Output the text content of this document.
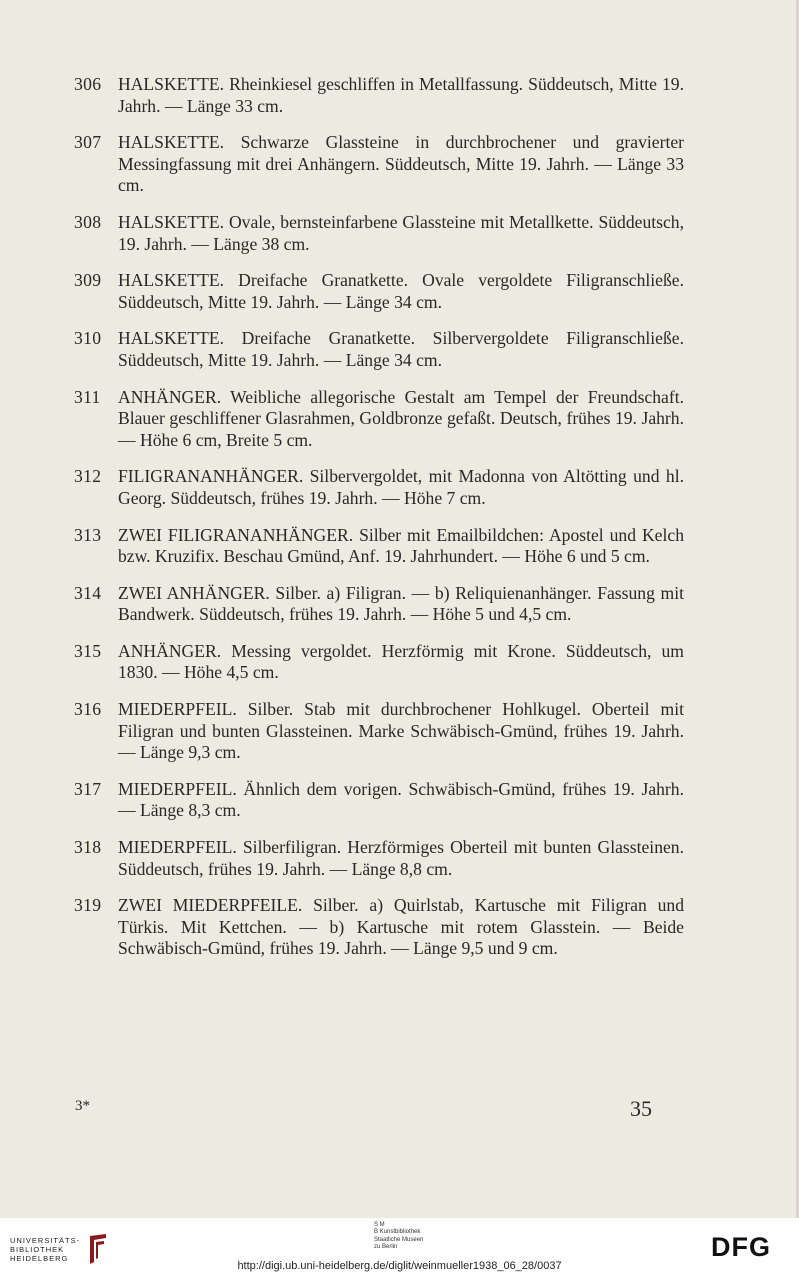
306 HALSKETTE. Rheinkiesel geschliffen in Metallfassung. Süddeutsch, Mitte 19. Jahrh. — Länge 33 cm.
307 HALSKETTE. Schwarze Glassteine in durchbrochener und gravierter Messingfassung mit drei Anhängern. Süddeutsch, Mitte 19. Jahrh. — Länge 33 cm.
308 HALSKETTE. Ovale, bernsteinfarbene Glassteine mit Metallkette. Süddeutsch, 19. Jahrh. — Länge 38 cm.
309 HALSKETTE. Dreifache Granatkette. Ovale vergoldete Filigranschließe. Süddeutsch, Mitte 19. Jahrh. — Länge 34 cm.
310 HALSKETTE. Dreifache Granatkette. Silbervergoldete Filigranschließe. Süddeutsch, Mitte 19. Jahrh. — Länge 34 cm.
311 ANHÄNGER. Weibliche allegorische Gestalt am Tempel der Freundschaft. Blauer geschliffener Glasrahmen, Goldbronze gefaßt. Deutsch, frühes 19. Jahrh. — Höhe 6 cm, Breite 5 cm.
312 FILIGRANANHÄNGER. Silbervergoldet, mit Madonna von Altötting und hl. Georg. Süddeutsch, frühes 19. Jahrh. — Höhe 7 cm.
313 ZWEI FILIGRANANHÄNGER. Silber mit Emailbildchen: Apostel und Kelch bzw. Kruzifix. Beschau Gmünd, Anf. 19. Jahrhundert. — Höhe 6 und 5 cm.
314 ZWEI ANHÄNGER. Silber. a) Filigran. — b) Reliquienanhänger. Fassung mit Bandwerk. Süddeutsch, frühes 19. Jahrh. — Höhe 5 und 4,5 cm.
315 ANHÄNGER. Messing vergoldet. Herzförmig mit Krone. Süddeutsch, um 1830. — Höhe 4,5 cm.
316 MIEDERPFEIL. Silber. Stab mit durchbrochener Hohlkugel. Oberteil mit Filigran und bunten Glassteinen. Marke Schwäbisch-Gmünd, frühes 19. Jahrh. — Länge 9,3 cm.
317 MIEDERPFEIL. Ähnlich dem vorigen. Schwäbisch-Gmünd, frühes 19. Jahrh. — Länge 8,3 cm.
318 MIEDERPFEIL. Silberfiligran. Herzförmiges Oberteil mit bunten Glassteinen. Süddeutsch, frühes 19. Jahrh. — Länge 8,8 cm.
319 ZWEI MIEDERPFEILE. Silber. a) Quirlstab, Kartusche mit Filigran und Türkis. Mit Kettchen. — b) Kartusche mit rotem Glasstein. — Beide Schwäbisch-Gmünd, frühes 19. Jahrh. — Länge 9,5 und 9 cm.
3*	35
UNIVERSITÄTS-
BIBLIOTHEK
HEIDELBERG
S M
B Kunstbibliothek
Staatliche Museen
zu Berlin	DFG
http://digi.ub.uni-heidelberg.de/diglit/weinmueller1938_06_28/0037
